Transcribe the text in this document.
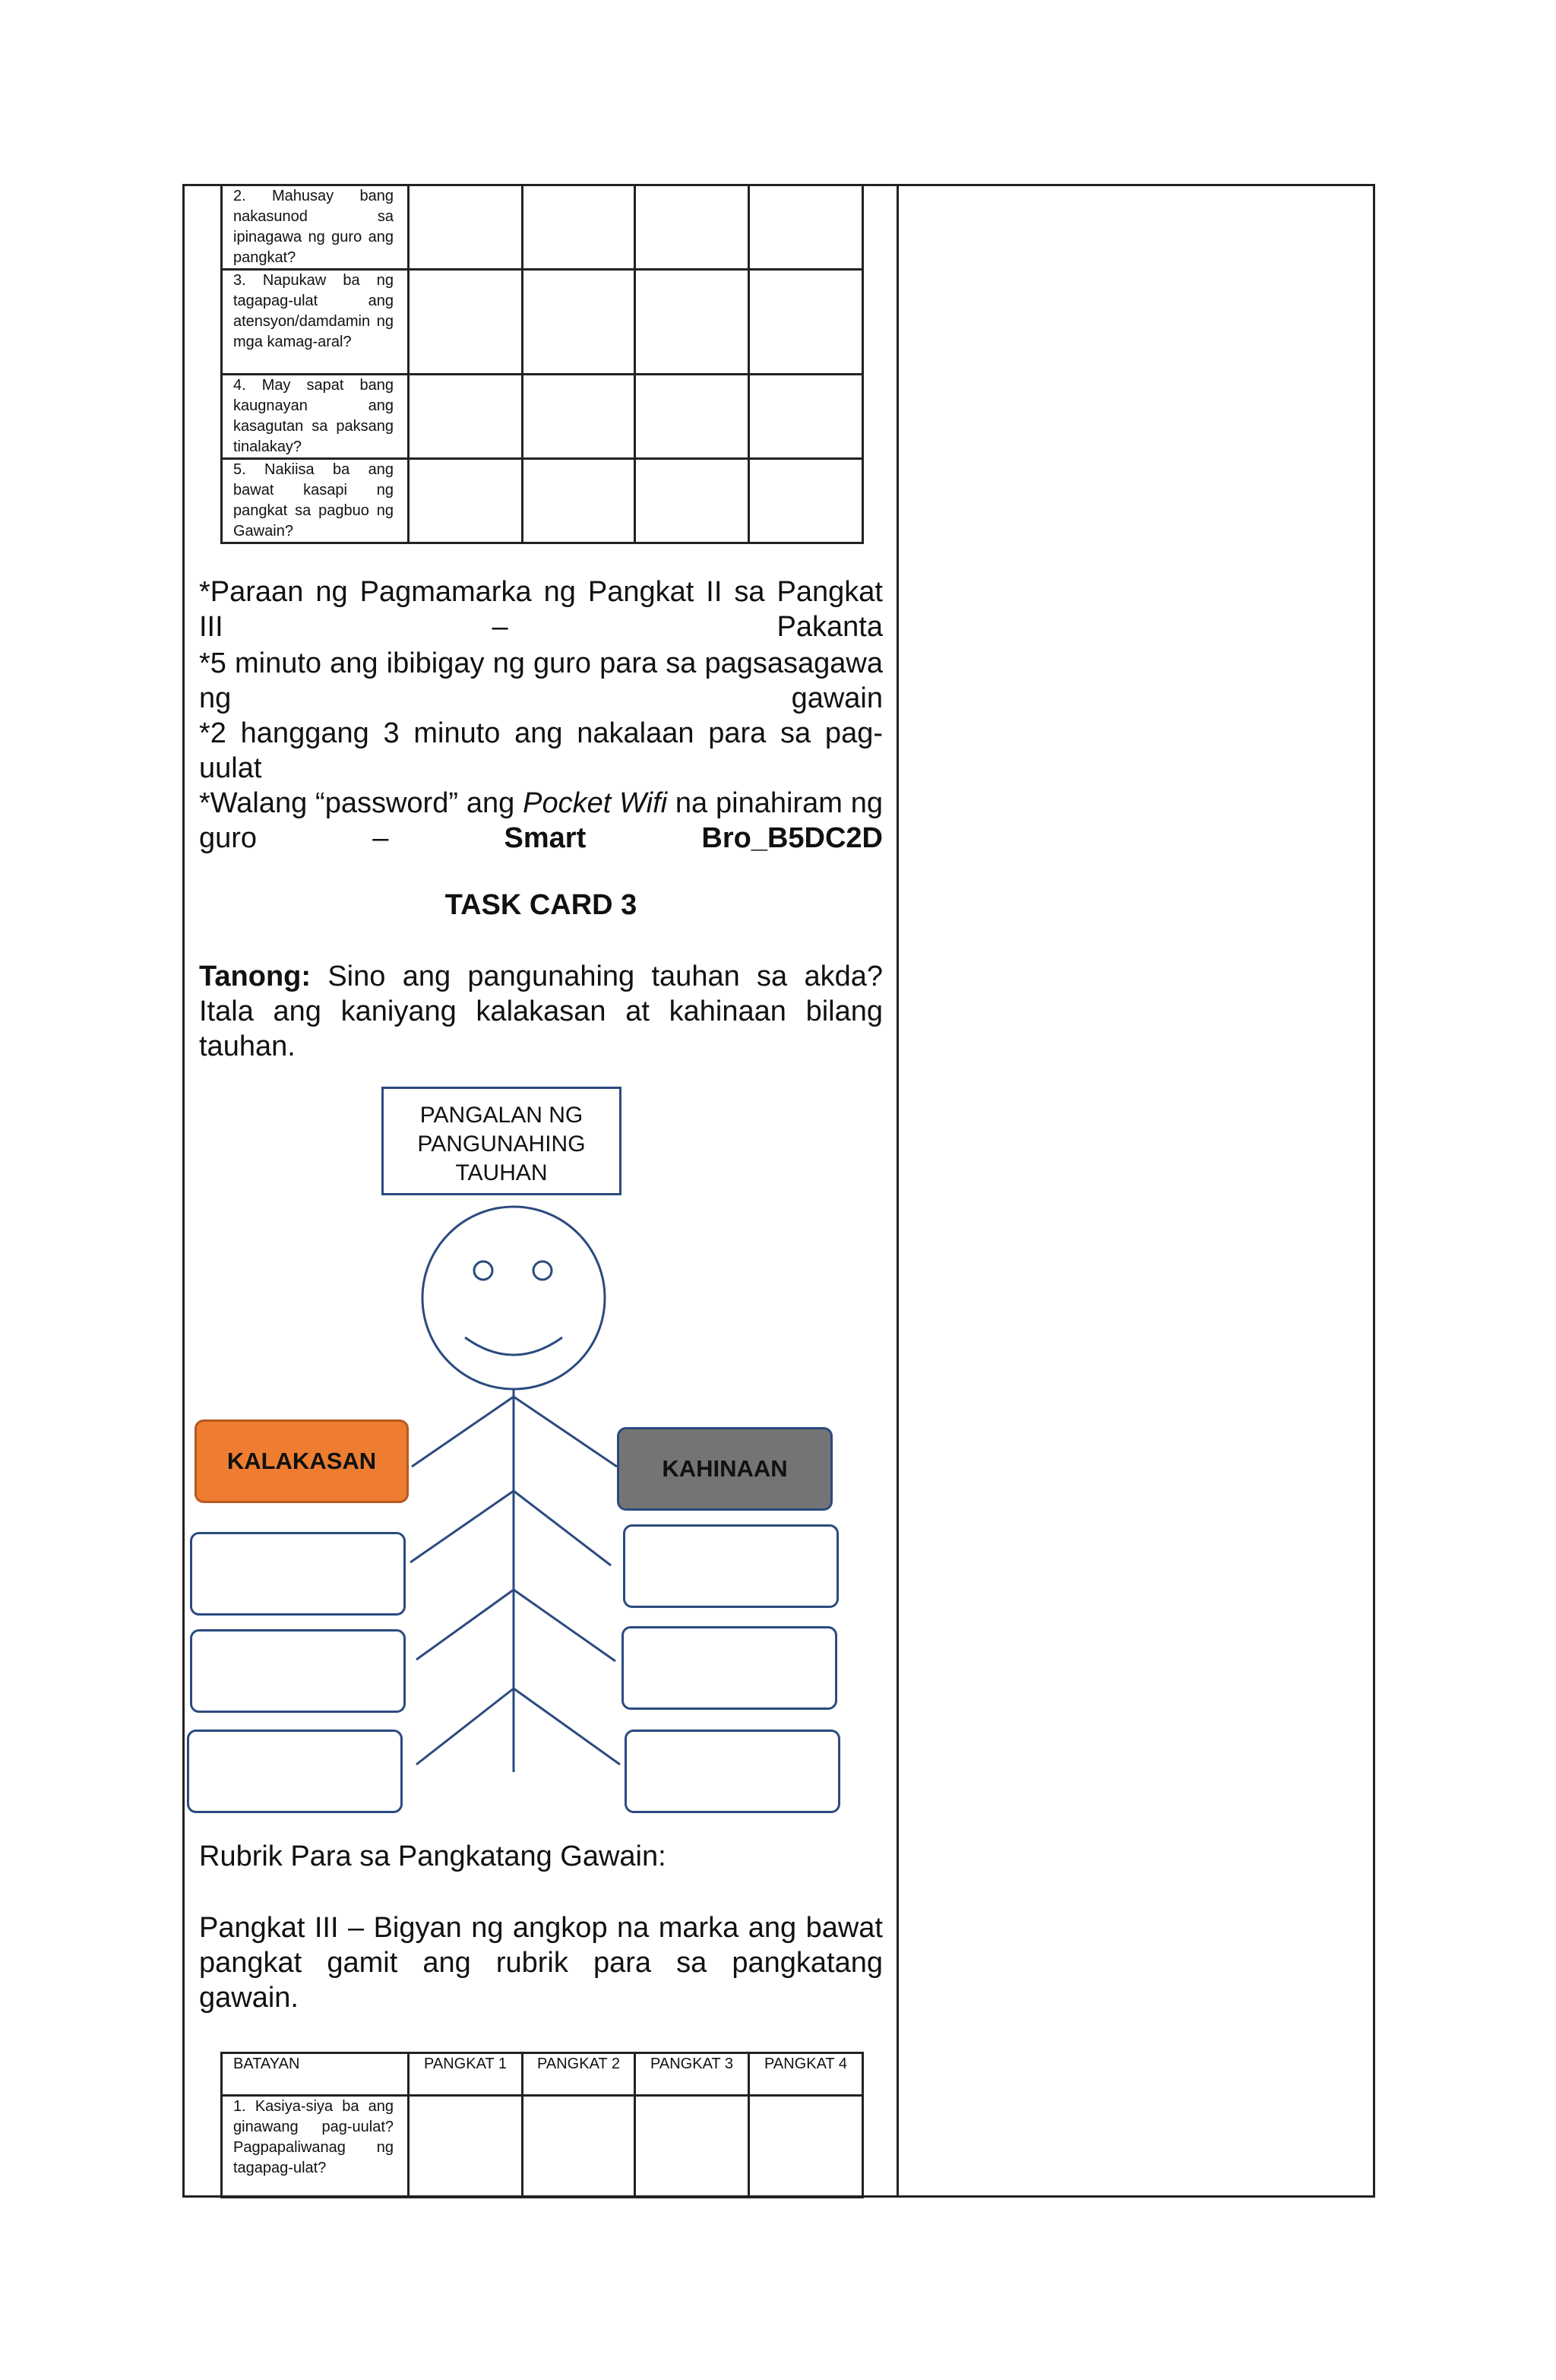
2. Mahusay bang nakasunod sa ipinagawa ng guro ang pangkat?				
3. Napukaw ba ng tagapag-ulat ang atensyon/damdamin ng mga kamag-aral?				
4. May sapat bang kaugnayan ang kasagutan sa paksang tinalakay?				
5. Nakiisa ba ang bawat kasapi ng pangkat sa pagbuo ng Gawain?				
*Paraan ng Pagmamarka ng Pangkat II sa Pangkat III – Pakanta
*5 minuto ang ibibigay ng guro para sa pagsasagawa ng gawain
*2 hanggang 3 minuto ang nakalaan para sa pag-uulat
*Walang “password” ang Pocket Wifi na pinahiram ng guro – Smart Bro_B5DC2D
TASK CARD 3
Tanong: Sino ang pangunahing tauhan sa akda? Itala ang kaniyang kalakasan at kahinaan bilang tauhan.
PANGALAN NG PANGUNAHING TAUHAN
KALAKASAN	KAHINAAN
Rubrik Para sa Pangkatang Gawain:
Pangkat III – Bigyan ng angkop na marka ang bawat pangkat gamit ang rubrik para sa pangkatang gawain.
BATAYAN	PANGKAT 1	PANGKAT 2	PANGKAT 3	PANGKAT 4
1. Kasiya-siya ba ang ginawang pag-uulat? Pagpapaliwanag ng tagapag-ulat?				
